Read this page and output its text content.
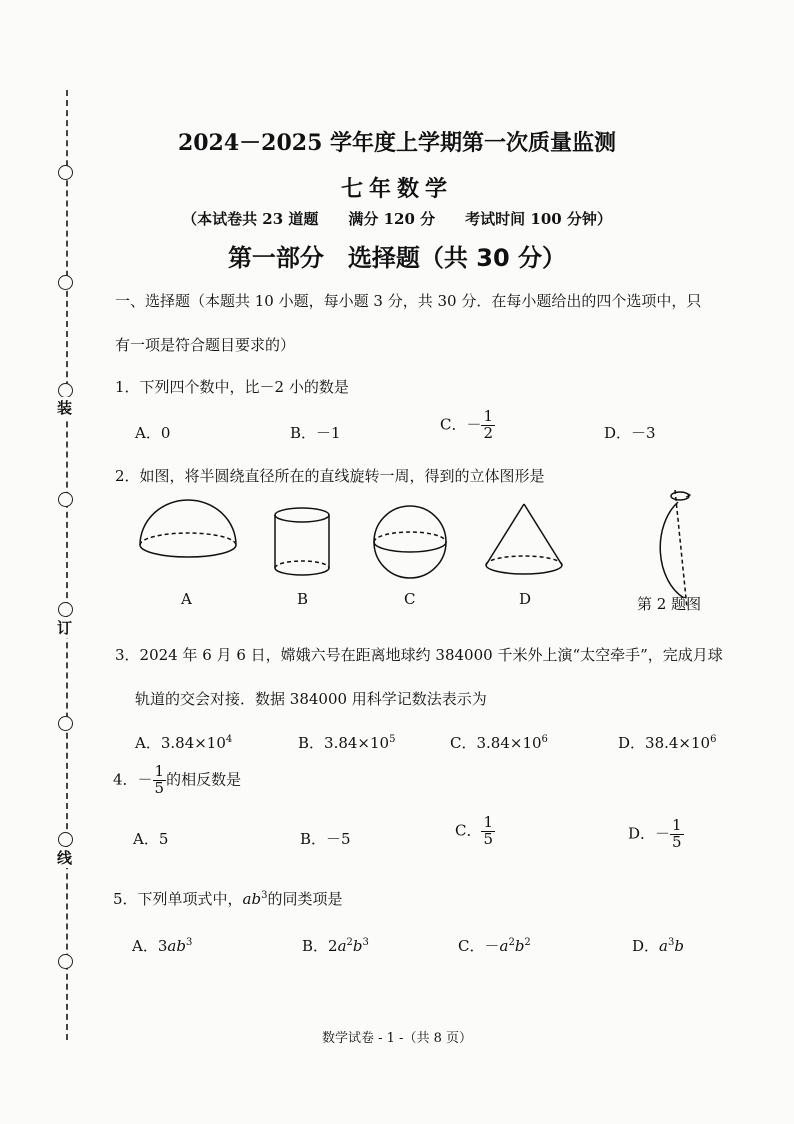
装
订
线
2024－2025 学年度上学期第一次质量监测
七年数学
（本试卷共 23 道题　　满分 120 分　　考试时间 100 分钟）
第一部分　选择题（共 30 分）
一、选择题（本题共 10 小题，每小题 3 分，共 30 分．在每小题给出的四个选项中，只
有一项是符合题目要求的）
1．下列四个数中，比－2 小的数是
A．0	B．－1	C．－ $\frac{1}{2}$	D．－3
2．如图，将半圆绕直径所在的直线旋转一周，得到的立体图形是
A	B	C	D	第 2 题图
3．2024 年 6 月 6 日，嫦娥六号在距离地球约 384000 千米外上演“太空牵手”，完成月球
轨道的交会对接．数据 384000 用科学记数法表示为
A．$3.84\times 10^4$	B．$3.84\times 10^5$	C．$3.84\times 10^6$	D．$38.4\times 10^6$
4．－ $\frac{1}{5}$ 的相反数是
A．5	B．－5	C． $\frac{1}{5}$	D．－ $\frac{1}{5}$
5．下列单项式中，$ab^3$的同类项是
A．$3ab^3$	B．$2a^2b^3$	C．$-a^2b^2$	D．$a^3b$
数学试卷 - 1 -（共 8 页）
